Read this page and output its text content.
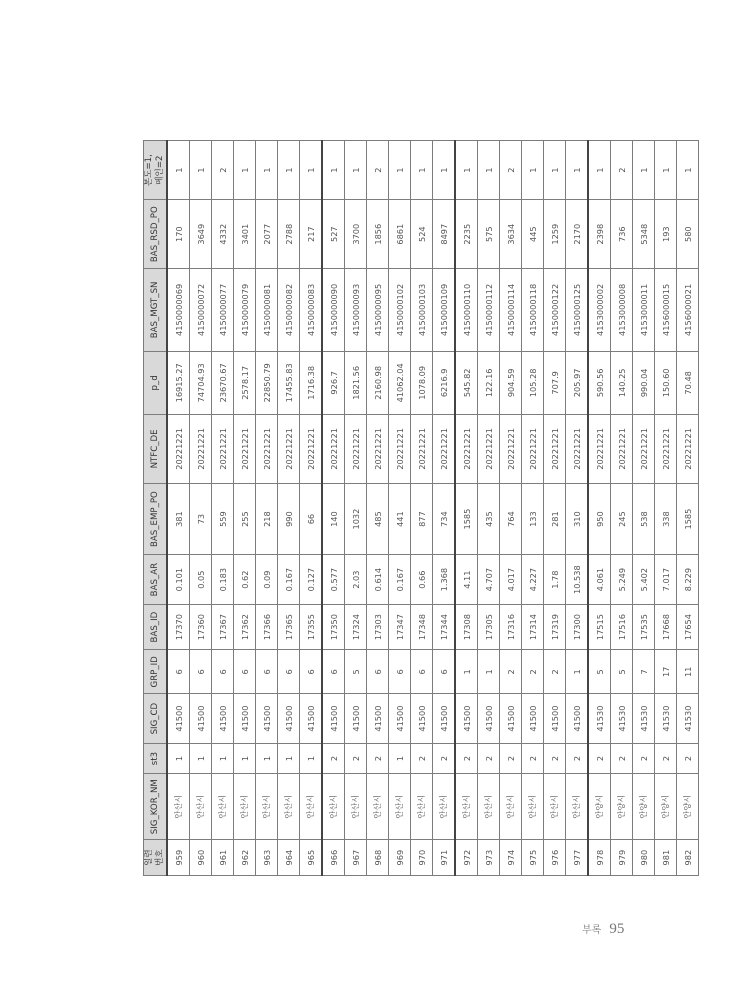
일련
번호	SIG_KOR_NM	st3	SIG_CD	GRP_ID	BAS_ID	BAS_AR	BAS_EMP_PO	NTFC_DE	p_d	BAS_MGT_SN	BAS_RSD_PO	본도=1,
메인=2
959	안산시	1	41500	6	17370	0.101	381	20221221	16915.27	4150000069	170	1
960	안산시	1	41500	6	17360	0.05	73	20221221	74704.93	4150000072	3649	1
961	안산시	1	41500	6	17367	0.183	559	20221221	23670.67	4150000077	4332	2
962	안산시	1	41500	6	17362	0.62	255	20221221	2578.17	4150000079	3401	1
963	안산시	1	41500	6	17366	0.09	218	20221221	22850.79	4150000081	2077	1
964	안산시	1	41500	6	17365	0.167	990	20221221	17455.83	4150000082	2788	1
965	안산시	1	41500	6	17355	0.127	66	20221221	1716.38	4150000083	217	1
966	안산시	2	41500	6	17350	0.577	140	20221221	926.7	4150000090	527	1
967	안산시	2	41500	5	17324	2.03	1032	20221221	1821.56	4150000093	3700	1
968	안산시	2	41500	6	17303	0.614	485	20221221	2160.98	4150000095	1856	2
969	안산시	1	41500	6	17347	0.167	441	20221221	41062.04	4150000102	6861	1
970	안산시	2	41500	6	17348	0.66	877	20221221	1078.09	4150000103	524	1
971	안산시	2	41500	6	17344	1.368	734	20221221	6216.9	4150000109	8497	1
972	안산시	2	41500	1	17308	4.11	1585	20221221	545.82	4150000110	2235	1
973	안산시	2	41500	1	17305	4.707	435	20221221	122.16	4150000112	575	1
974	안산시	2	41500	2	17316	4.017	764	20221221	904.59	4150000114	3634	2
975	안산시	2	41500	2	17314	4.227	133	20221221	105.28	4150000118	445	1
976	안산시	2	41500	2	17319	1.78	281	20221221	707.9	4150000122	1259	1
977	안산시	2	41500	1	17300	10.538	310	20221221	205.97	4150000125	2170	1
978	안양시	2	41530	5	17515	4.061	950	20221221	590.56	4153000002	2398	1
979	안양시	2	41530	5	17516	5.249	245	20221221	140.25	4153000008	736	2
980	안양시	2	41530	7	17535	5.402	538	20221221	990.04	4153000011	5348	1
981	안양시	2	41530	17	17668	7.017	338	20221221	150.60	4156000015	193	1
982	안양시	2	41530	11	17654	8.229	1585	20221221	70.48	4156000021	580	1
부록 95
